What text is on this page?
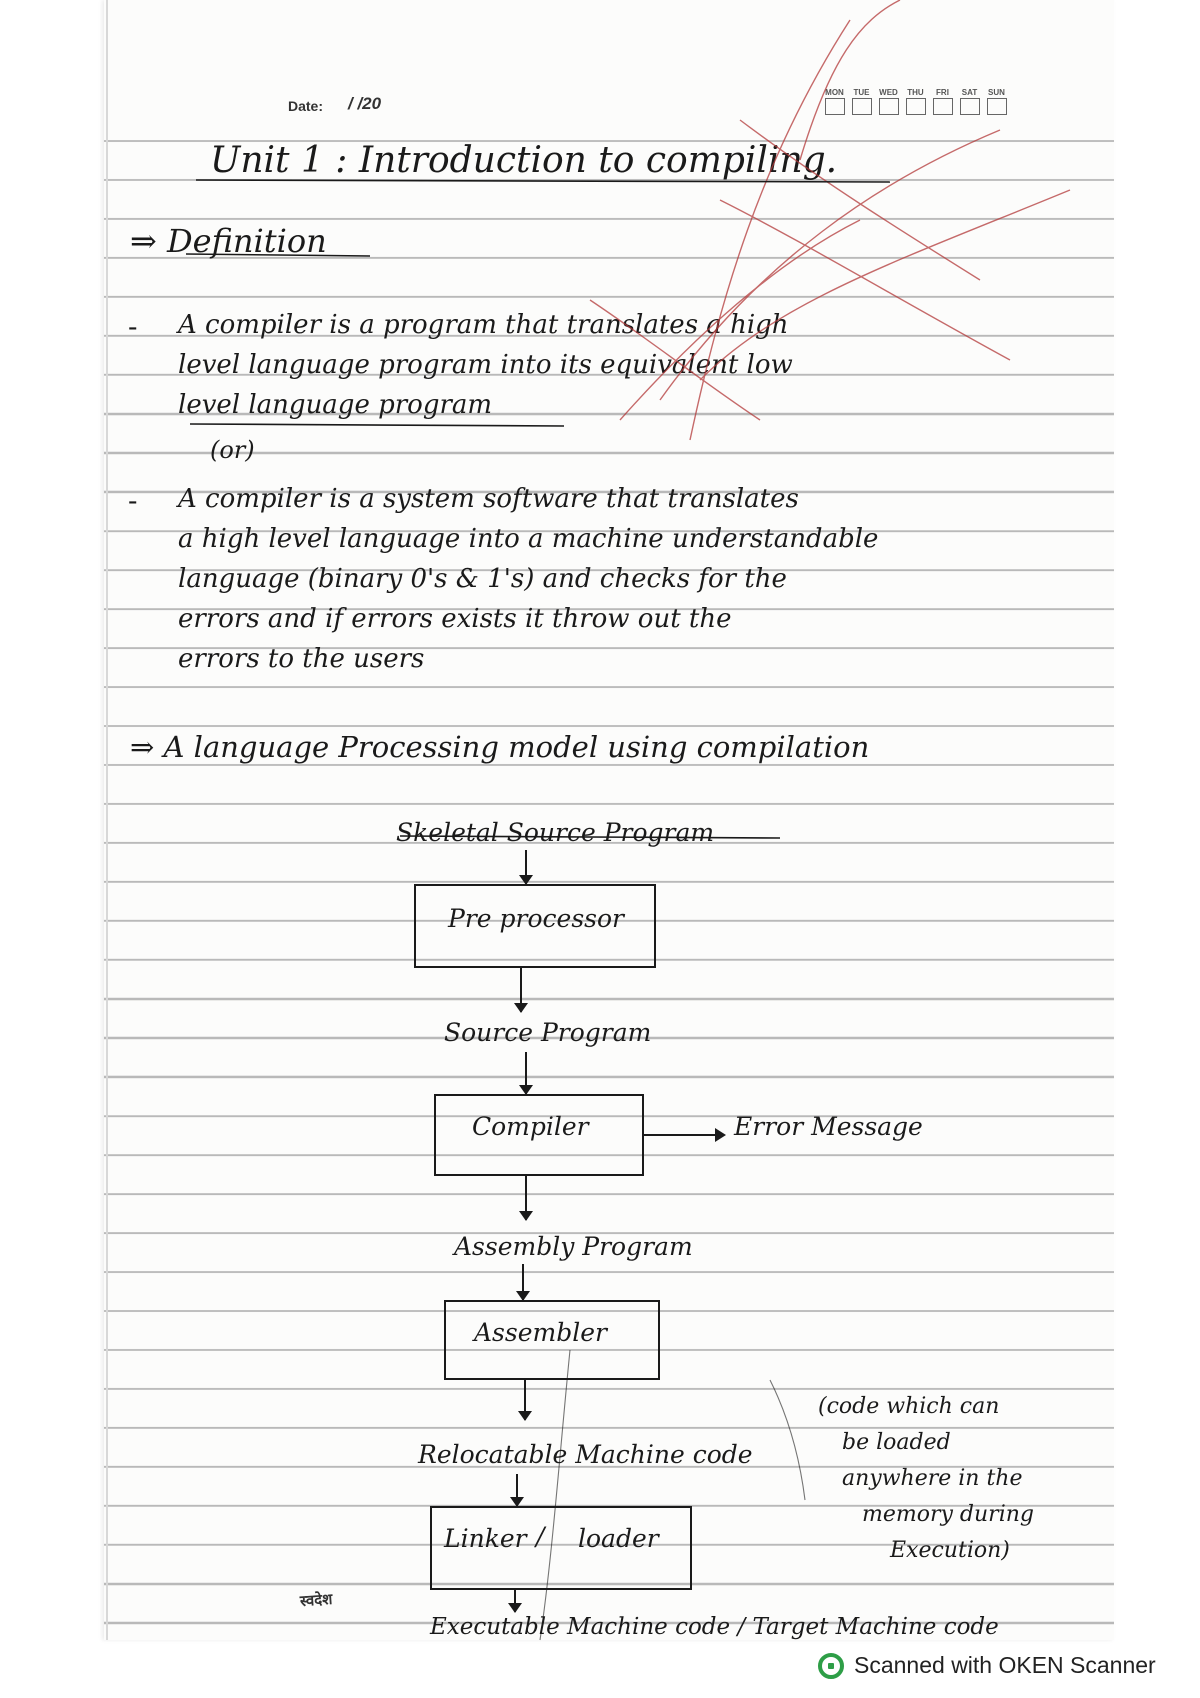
Date: / /20
MON TUE WED THU FRI SAT SUN
Unit 1 : Introduction to compiling.
⇒ Definition
- A compiler is a program that translates a high
level language program into its equivalent low
level language program
(or)
- A compiler is a system software that translates
a high level language into a machine understandable
language (binary 0's & 1's) and checks for the
errors and if errors exists it throw out the
errors to the users
⇒ A language Processing model using compilation
Skeletal Source Program
Pre processor
Source Program
Compiler	Error Message
Assembly Program
Assembler
Relocatable Machine code
(code which can
be loaded
anywhere in the
memory during
Execution)
Linker / loader
Executable Machine code / Target Machine code
स्वदेश
Scanned with OKEN Scanner
